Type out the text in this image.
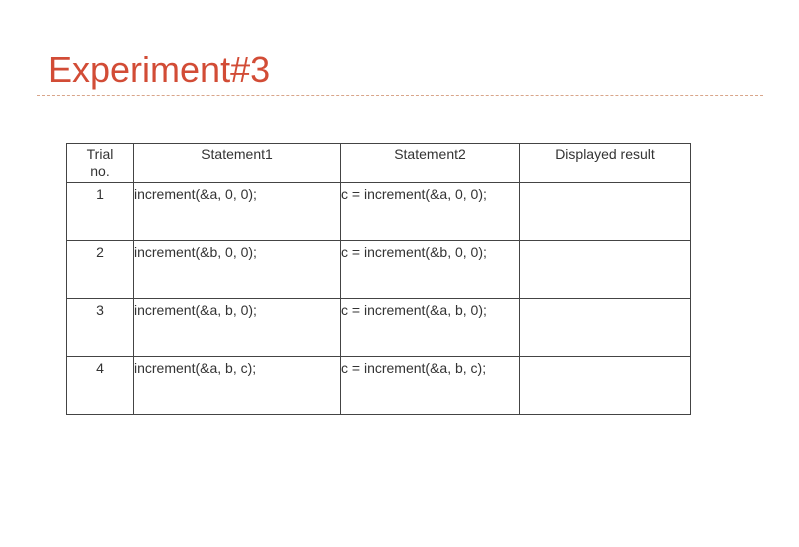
Experiment#3
Trial
no.	Statement1	Statement2	Displayed result
1	increment(&a, 0, 0);	c = increment(&a, 0, 0);	
2	increment(&b, 0, 0);	c = increment(&b, 0, 0);	
3	increment(&a, b, 0);	c = increment(&a, b, 0);	
4	increment(&a, b, c);	c = increment(&a, b, c);	
